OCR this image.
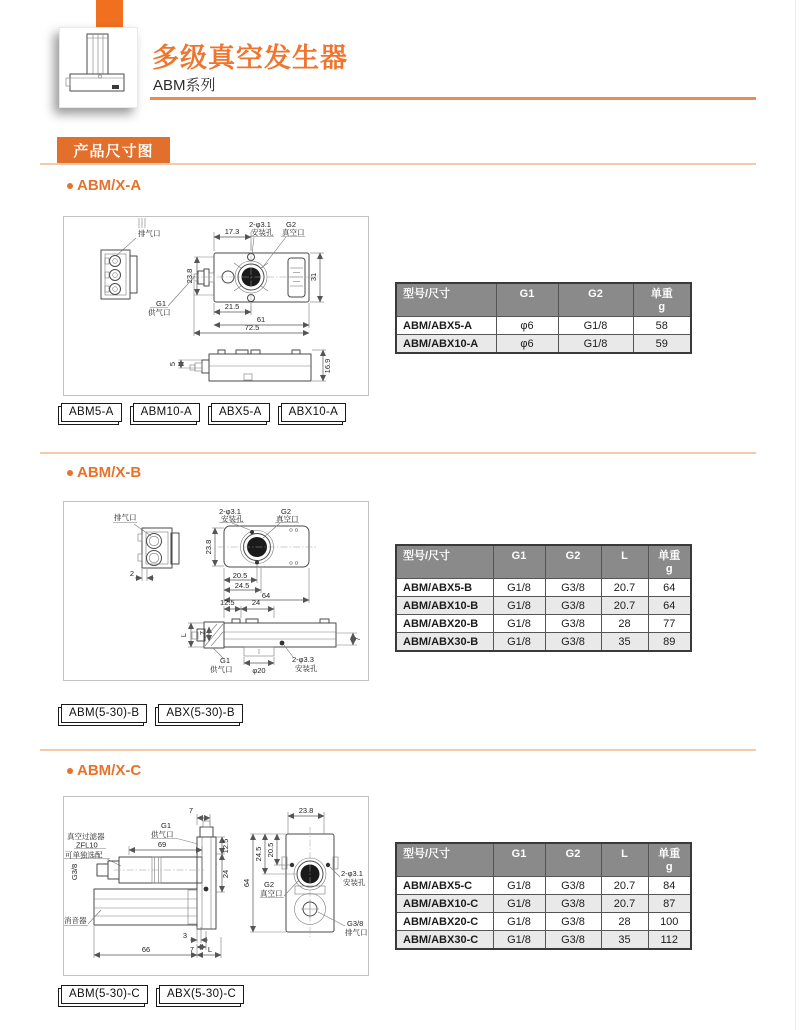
多级真空发生器
ABM系列
产品尺寸图
ABM/X-A
排气口	17.3
2-φ3.1
安装孔
G2
真空口
23.8
G1
供气口
21.5
61
72.5
31
5	16.9
型号/尺寸	G1	G2	单重
g
ABM/ABX5-A	φ6	G1/8	58
ABM/ABX10-A	φ6	G1/8	59
ABM5-A	ABM10-A	ABX5-A	ABX10-A
ABM/X-B
排气口
2
2-φ3.1
安装孔
G2
真空口
23.8
20.5
24.5
64
12.5 24
L 7
7
G1
供气口	φ20
2-φ3.3
安装孔
型号/尺寸	G1	G2	L	单重
g
ABM/ABX5-B	G1/8	G3/8	20.7	64
ABM/ABX10-B	G1/8	G3/8	20.7	64
ABM/ABX20-B	G1/8	G3/8	28	77
ABM/ABX30-B	G1/8	G3/8	35	89
ABM(5-30)-B	ABX(5-30)-B
ABM/X-C
真空过滤器
ZFL10
可单独选配
69
G1
供气口
7
12.5
24
G3/8
消音器
3
7
66	L
23.8
64
24.5 20.5
G2
真空口
2-φ3.1
安装孔
G3/8
排气口
型号/尺寸	G1	G2	L	单重
g
ABM/ABX5-C	G1/8	G3/8	20.7	84
ABM/ABX10-C	G1/8	G3/8	20.7	87
ABM/ABX20-C	G1/8	G3/8	28	100
ABM/ABX30-C	G1/8	G3/8	35	112
ABM(5-30)-C	ABX(5-30)-C
